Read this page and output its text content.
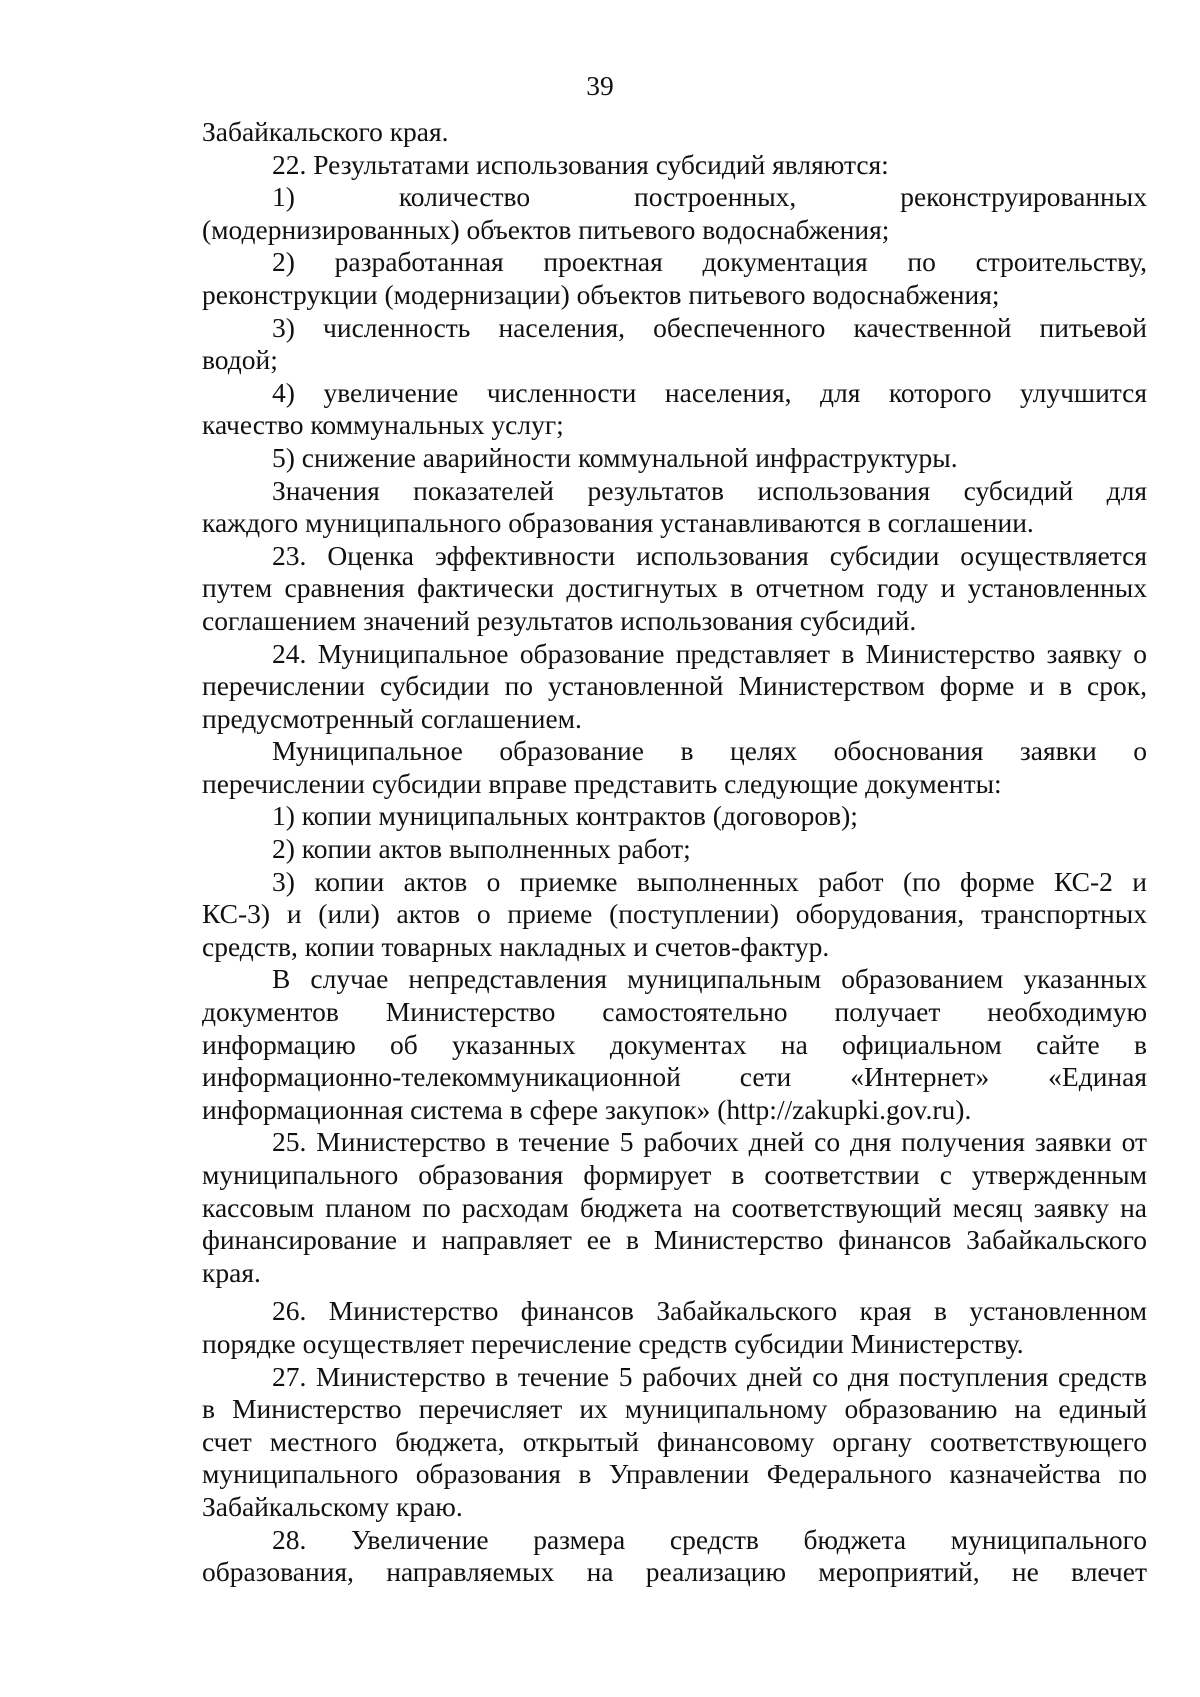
39
Забайкальского края.
22. Результатами использования субсидий являются:
1) количество построенных, реконструированных
(модернизированных) объектов питьевого водоснабжения;
2) разработанная проектная документация по строительству,
реконструкции (модернизации) объектов питьевого водоснабжения;
3) численность населения, обеспеченного качественной питьевой
водой;
4) увеличение численности населения, для которого улучшится
качество коммунальных услуг;
5) снижение аварийности коммунальной инфраструктуры.
Значения показателей результатов использования субсидий для
каждого муниципального образования устанавливаются в соглашении.
23. Оценка эффективности использования субсидии осуществляется
путем сравнения фактически достигнутых в отчетном году и установленных
соглашением значений результатов использования субсидий.
24. Муниципальное образование представляет в Министерство заявку о
перечислении субсидии по установленной Министерством форме и в срок,
предусмотренный соглашением.
Муниципальное образование в целях обоснования заявки о
перечислении субсидии вправе представить следующие документы:
1) копии муниципальных контрактов (договоров);
2) копии актов выполненных работ;
3) копии актов о приемке выполненных работ (по форме КС-2 и
КС-3) и (или) актов о приеме (поступлении) оборудования, транспортных
средств, копии товарных накладных и счетов-фактур.
В случае непредставления муниципальным образованием указанных
документов Министерство самостоятельно получает необходимую
информацию об указанных документах на официальном сайте в
информационно-телекоммуникационной сети «Интернет» «Единая
информационная система в сфере закупок» (http://zakupki.gov.ru).
25. Министерство в течение 5 рабочих дней со дня получения заявки от
муниципального образования формирует в соответствии с утвержденным
кассовым планом по расходам бюджета на соответствующий месяц заявку на
финансирование и направляет ее в Министерство финансов Забайкальского
края.
26. Министерство финансов Забайкальского края в установленном
порядке осуществляет перечисление средств субсидии Министерству.
27. Министерство в течение 5 рабочих дней со дня поступления средств
в Министерство перечисляет их муниципальному образованию на единый
счет местного бюджета, открытый финансовому органу соответствующего
муниципального образования в Управлении Федерального казначейства по
Забайкальскому краю.
28. Увеличение размера средств бюджета муниципального
образования, направляемых на реализацию мероприятий, не влечет
